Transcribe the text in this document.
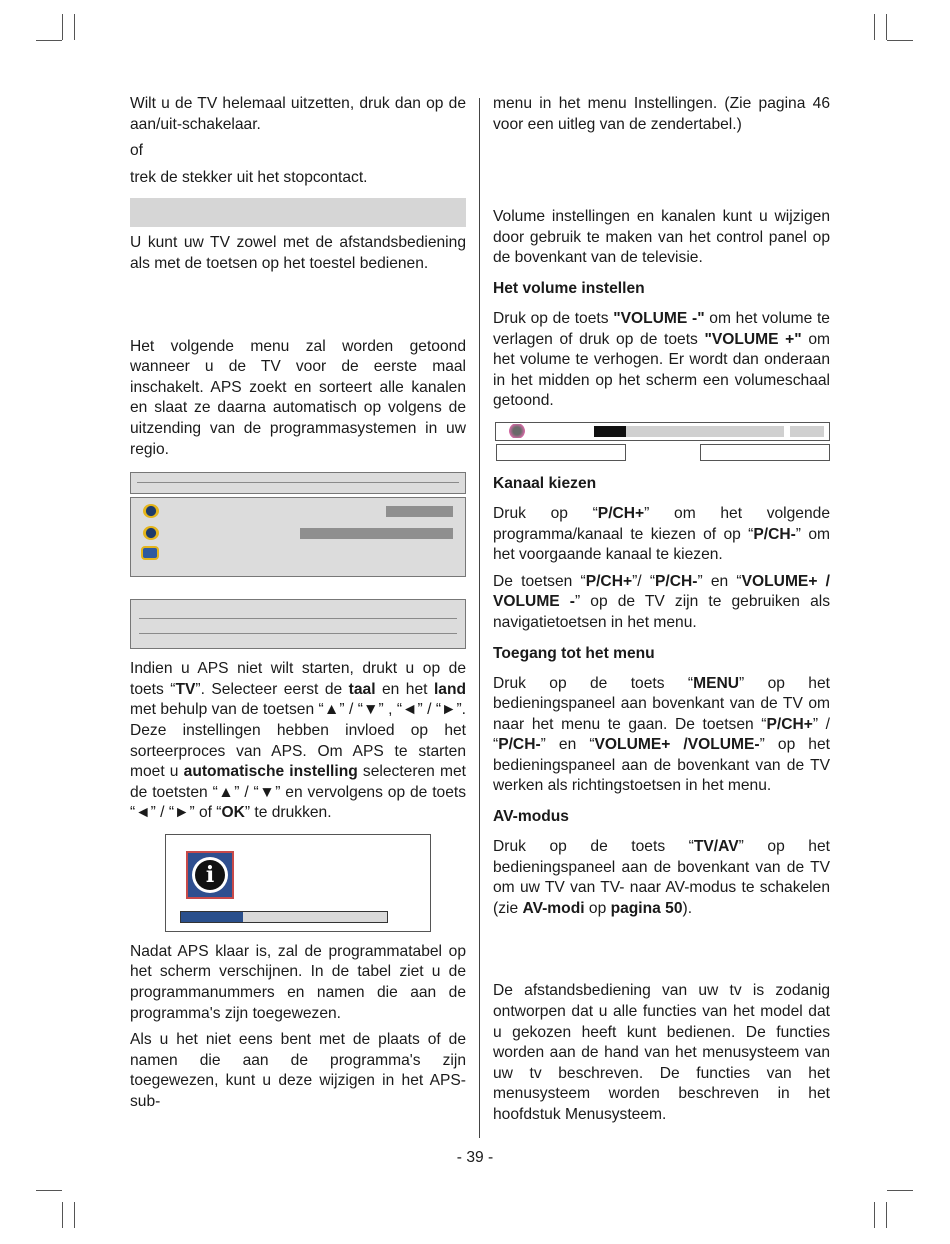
Wilt u de TV helemaal uitzetten, druk dan op de aan/uit-schakelaar.

of

trek de stekker uit het stopcontact.

U kunt uw TV zowel met de afstandsbediening als met de toetsen op het toestel bedienen.

Het volgende menu zal worden getoond wanneer u de TV voor de eerste maal inschakelt. APS zoekt en sorteert alle kanalen en slaat ze daarna automatisch op volgens de uitzending van de programmasystemen in uw regio.

Indien u APS niet wilt starten, drukt u op de toets “TV”. Selecteer eerst de taal en het land met behulp van de toetsen “▲” / “▼” , “◄” / “►”. Deze instellingen hebben invloed op het sorteerproces van APS. Om APS te starten moet u automatische instelling selecteren met de toetsten “▲” / “▼” en vervolgens op de toets “◄” / “►” of “OK” te drukken.

i

Nadat APS klaar is, zal de programmatabel op het scherm verschijnen. In de tabel ziet u de programmanummers en namen die aan de programma's zijn toegewezen.

Als u het niet eens bent met de plaats of de namen die aan de programma's zijn toegewezen, kunt u deze wijzigen in het APS-sub-

menu in het menu Instellingen. (Zie pagina 46 voor een uitleg van de zendertabel.)

Volume instellingen en kanalen kunt u wijzigen door gebruik te maken van het control panel op de bovenkant van de televisie.

Het volume instellen

Druk op de toets "VOLUME -" om het volume te verlagen of druk op de toets "VOLUME +" om het volume te verhogen. Er wordt dan onderaan in het midden op het scherm een volumeschaal getoond.

Kanaal kiezen

Druk op “P/CH+” om het volgende programma/kanaal te kiezen of op “P/CH-” om het voorgaande kanaal te kiezen.

De toetsen “P/CH+”/ “P/CH-” en “VOLUME+ / VOLUME -” op de TV zijn te gebruiken als navigatietoetsen in het menu.

Toegang tot het menu

Druk op de toets “MENU” op het bedieningspaneel aan bovenkant van de TV om naar het menu te gaan. De toetsen “P/CH+” / “P/CH-” en “VOLUME+ /VOLUME-” op het bedieningspaneel aan de bovenkant van de TV werken als richtingstoetsen in het menu.

AV-modus

Druk op de toets “TV/AV” op het bedieningspaneel aan de bovenkant van de TV om uw TV van TV- naar AV-modus te schakelen (zie AV-modi op pagina 50).

De afstandsbediening van uw tv is zodanig ontworpen dat u alle functies van het model dat u gekozen heeft kunt bedienen. De functies worden aan de hand van het menusysteem van uw tv beschreven. De functies van het menusysteem worden beschreven in het hoofdstuk Menusysteem.

- 39 -
